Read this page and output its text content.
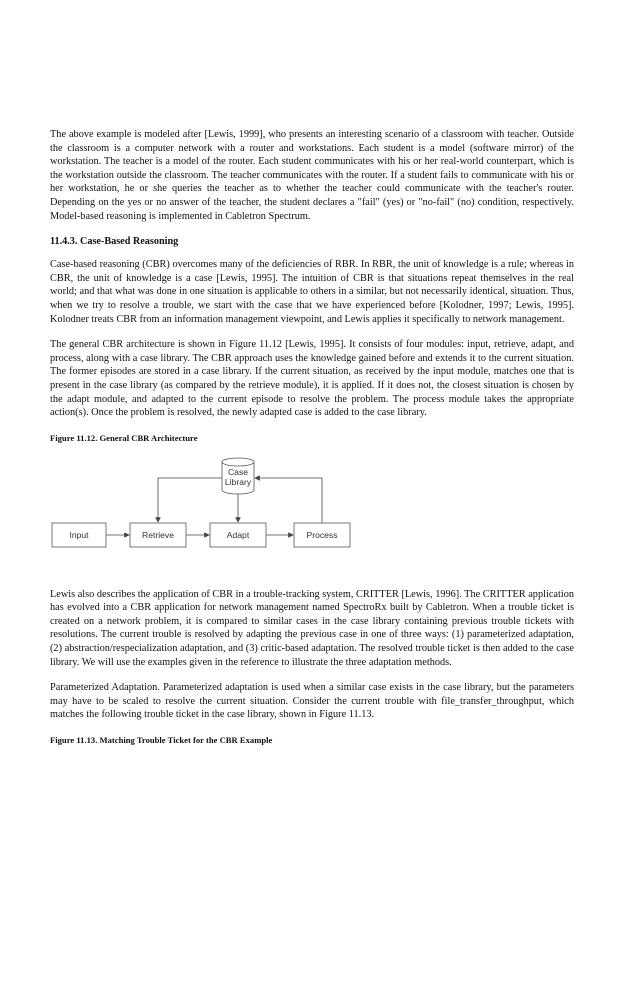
The above example is modeled after [Lewis, 1999], who presents an interesting scenario of a classroom with teacher. Outside the classroom is a computer network with a router and workstations. Each student is a model (software mirror) of the workstation. The teacher is a model of the router. Each student communicates with his or her real-world counterpart, which is the workstation outside the classroom. The teacher communicates with the router. If a student fails to communicate with his or her workstation, he or she queries the teacher as to whether the teacher could communicate with the teacher's router. Depending on the yes or no answer of the teacher, the student declares a "fail" (yes) or "no-fail" (no) condition, respectively. Model-based reasoning is implemented in Cabletron Spectrum.

11.4.3. Case-Based Reasoning

Case-based reasoning (CBR) overcomes many of the deficiencies of RBR. In RBR, the unit of knowledge is a rule; whereas in CBR, the unit of knowledge is a case [Lewis, 1995]. The intuition of CBR is that situations repeat themselves in the real world; and that what was done in one situation is applicable to others in a similar, but not necessarily identical, situation. Thus, when we try to resolve a trouble, we start with the case that we have experienced before [Kolodner, 1997; Lewis, 1995]. Kolodner treats CBR from an information management viewpoint, and Lewis applies it specifically to network management.

The general CBR architecture is shown in Figure 11.12 [Lewis, 1995]. It consists of four modules: input, retrieve, adapt, and process, along with a case library. The CBR approach uses the knowledge gained before and extends it to the current situation. The former episodes are stored in a case library. If the current situation, as received by the input module, matches one that is present in the case library (as compared by the retrieve module), it is applied. If it does not, the closest situation is chosen by the adapt module, and adapted to the current episode to resolve the problem. The process module takes the appropriate action(s). Once the problem is resolved, the newly adapted case is added to the case library.

Figure 11.12. General CBR Architecture
Case
Library
Input	Retrieve	Adapt	Process

Lewis also describes the application of CBR in a trouble-tracking system, CRITTER [Lewis, 1996]. The CRITTER application has evolved into a CBR application for network management named SpectroRx built by Cabletron. When a trouble ticket is created on a network problem, it is compared to similar cases in the case library containing previous trouble tickets with resolutions. The current trouble is resolved by adapting the previous case in one of three ways: (1) parameterized adaptation, (2) abstraction/respecialization adaptation, and (3) critic-based adaptation. The resolved trouble ticket is then added to the case library. We will use the examples given in the reference to illustrate the three adaptation methods.

Parameterized Adaptation. Parameterized adaptation is used when a similar case exists in the case library, but the parameters may have to be scaled to resolve the current situation. Consider the current trouble with file_transfer_throughput, which matches the following trouble ticket in the case library, shown in Figure 11.13.

Figure 11.13. Matching Trouble Ticket for the CBR Example
